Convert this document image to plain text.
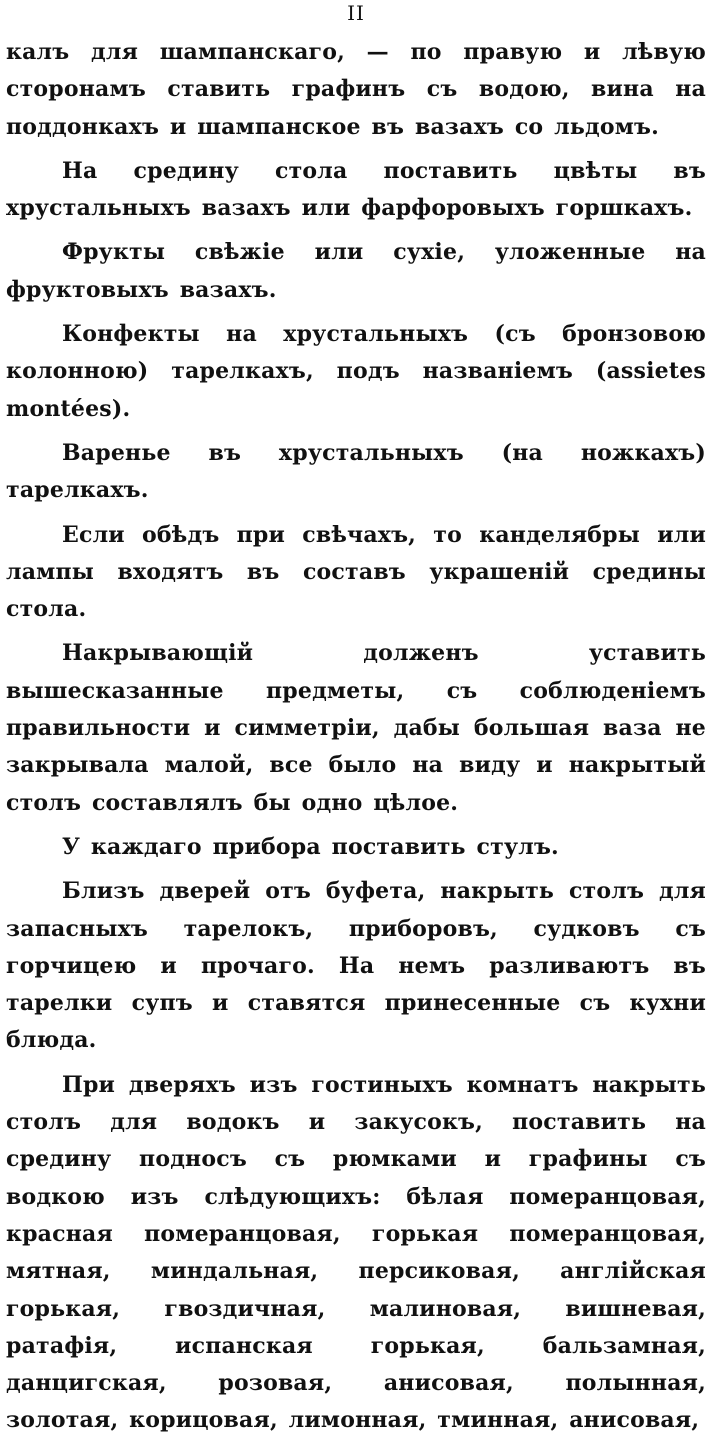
II

калъ для шампанскаго, — по правую и лѣвую сторонамъ ставить графинъ съ водою, вина на поддонкахъ и шампанское въ вазахъ со льдомъ.

На средину стола поставить цвѣты въ хрустальныхъ вазахъ или фарфоровыхъ горшкахъ.

Фрукты свѣжіе или сухіе, уложенные на фруктовыхъ вазахъ.

Конфекты на хрустальныхъ (съ бронзовою колонною) тарелкахъ, подъ названіемъ (assietes montées).

Варенье въ хрустальныхъ (на ножкахъ) тарелкахъ.

Если обѣдъ при свѣчахъ, то канделябры или лампы входятъ въ составъ украшеній средины стола.

Накрывающій долженъ уставить вышесказанные предметы, съ соблюденіемъ правильности и симметріи, дабы большая ваза не закрывала малой, все было на виду и накрытый столъ составлялъ бы одно цѣлое.

У каждаго прибора поставить стулъ.

Близъ дверей отъ буфета, накрыть столъ для запасныхъ тарелокъ, приборовъ, судковъ съ горчицею и прочаго. На немъ разливаютъ въ тарелки супъ и ставятся принесенные съ кухни блюда.

При дверяхъ изъ гостиныхъ комнатъ накрыть столъ для водокъ и закусокъ, поставить на средину подносъ съ рюмками и графины съ водкою изъ слѣдующихъ: бѣлая померанцовая, красная померанцовая, горькая померанцовая, мятная, миндальная, персиковая, англійская горькая, гвоздичная, малиновая, вишневая, ратафія, испанская горькая, бальзамная, данцигская, розовая, анисовая, полынная, золотая, корицовая, лимонная, тминная, анисовая,
